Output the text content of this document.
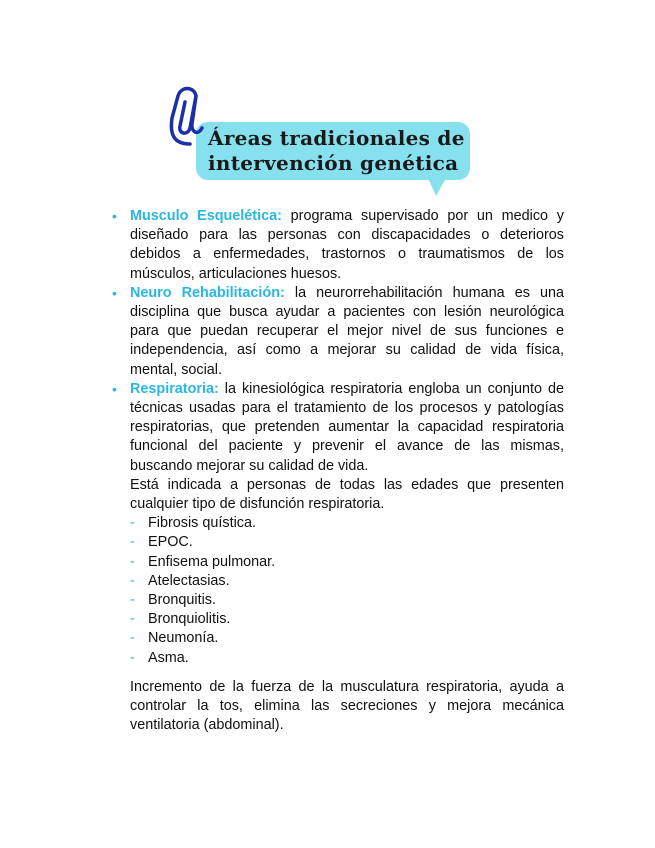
Áreas tradicionales de
intervención genética

• Musculo Esquelética: programa supervisado por un medico y diseñado para las personas con discapacidades o deterioros debidos a enfermedades, trastornos o traumatismos de los músculos, articulaciones huesos.

• Neuro Rehabilitación: la neurorrehabilitación humana es una disciplina que busca ayudar a pacientes con lesión neurológica para que puedan recuperar el mejor nivel de sus funciones e independencia, así como a mejorar su calidad de vida física, mental, social.

• Respiratoria: la kinesiológica respiratoria engloba un conjunto de técnicas usadas para el tratamiento de los procesos y patologías respiratorias, que pretenden aumentar la capacidad respiratoria funcional del paciente y prevenir el avance de las mismas, buscando mejorar su calidad de vida.

Está indicada a personas de todas las edades que presenten cualquier tipo de disfunción respiratoria.

- Fibrosis quística.
- EPOC.
- Enfisema pulmonar.
- Atelectasias.
- Bronquitis.
- Bronquiolitis.
- Neumonía.
- Asma.

Incremento de la fuerza de la musculatura respiratoria, ayuda a controlar la tos, elimina las secreciones y mejora mecánica ventilatoria (abdominal).
